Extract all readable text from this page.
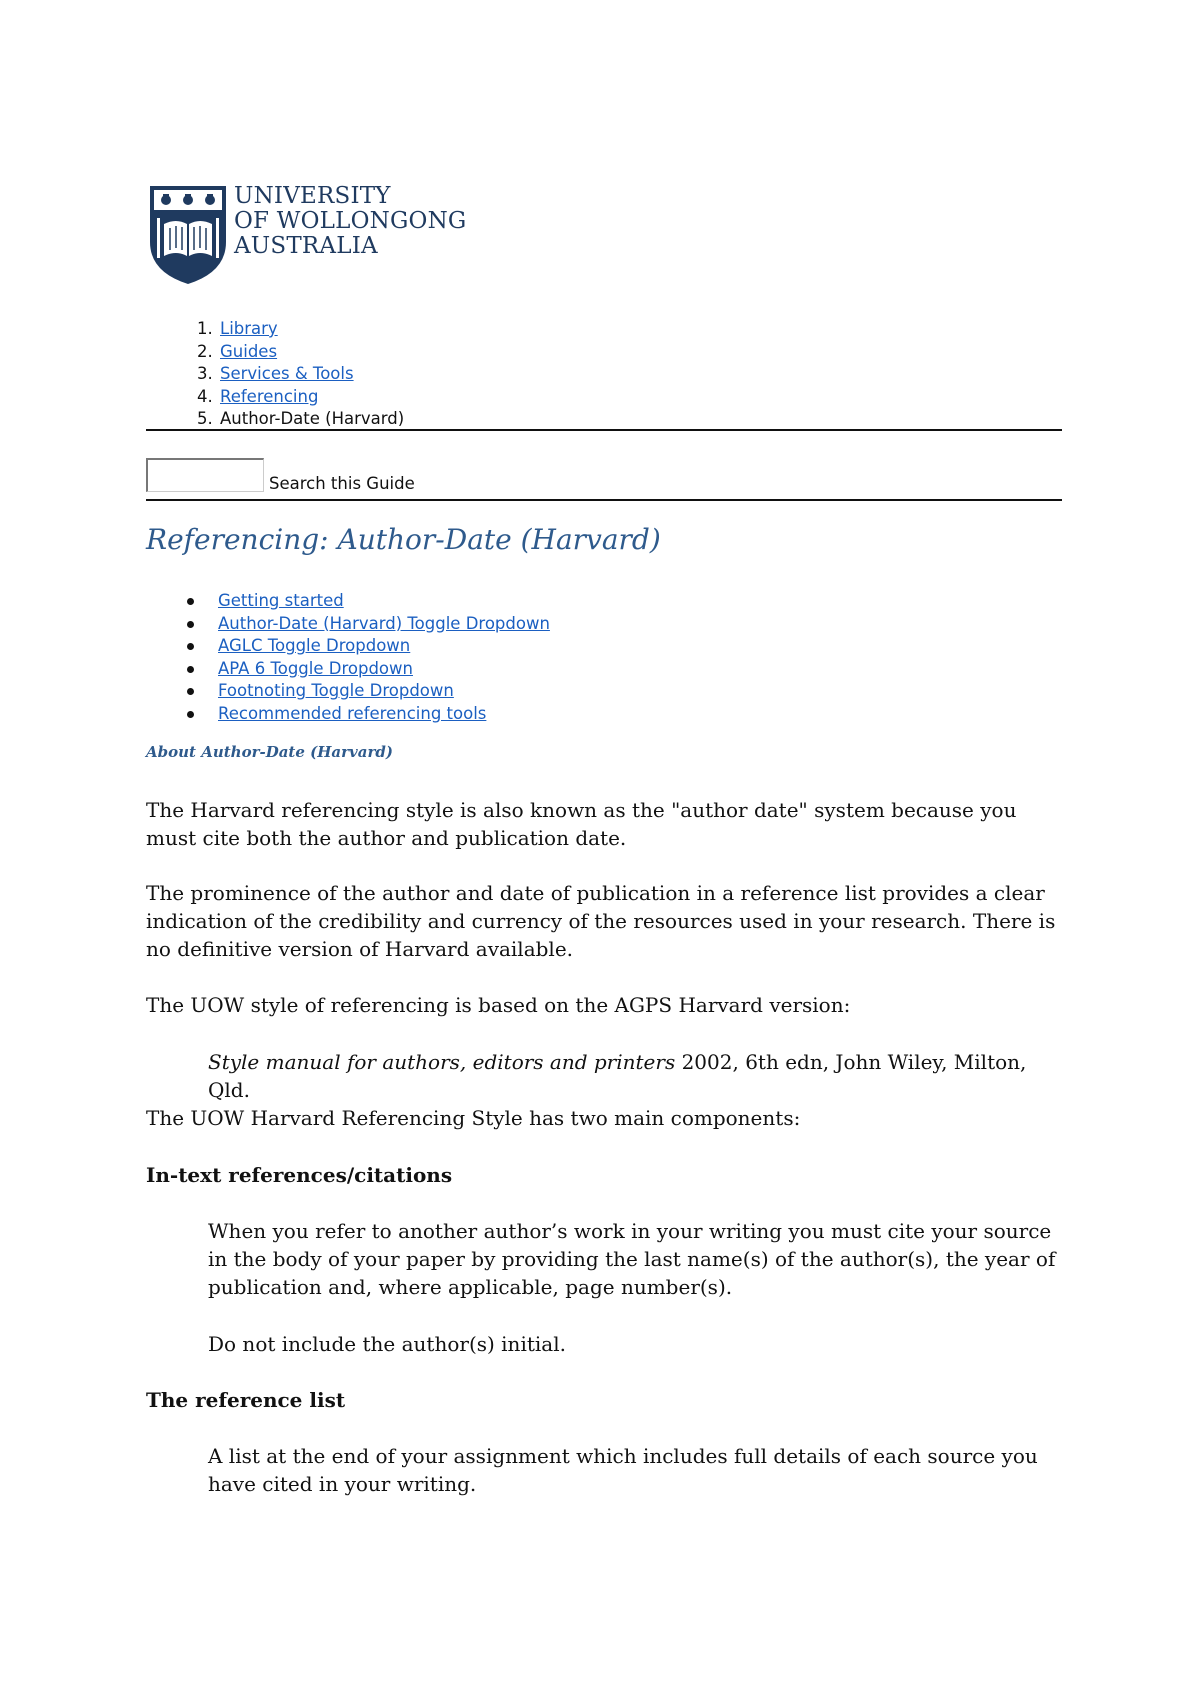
UNIVERSITY
OF WOLLONGONG
AUSTRALIA
1. Library
2. Guides
3. Services & Tools
4. Referencing
5. Author-Date (Harvard)
Search this Guide
Referencing: Author-Date (Harvard)
Getting started
Author-Date (Harvard) Toggle Dropdown
AGLC Toggle Dropdown
APA 6 Toggle Dropdown
Footnoting Toggle Dropdown
Recommended referencing tools
About Author-Date (Harvard)

The Harvard referencing style is also known as the "author date" system because you must cite both the author and publication date.

The prominence of the author and date of publication in a reference list provides a clear indication of the credibility and currency of the resources used in your research. There is no definitive version of Harvard available.

The UOW style of referencing is based on the AGPS Harvard version:

Style manual for authors, editors and printers 2002, 6th edn, John Wiley, Milton, Qld.

The UOW Harvard Referencing Style has two main components:

In-text references/citations

When you refer to another author’s work in your writing you must cite your source in the body of your paper by providing the last name(s) of the author(s), the year of publication and, where applicable, page number(s).

Do not include the author(s) initial.

The reference list

A list at the end of your assignment which includes full details of each source you have cited in your writing.
